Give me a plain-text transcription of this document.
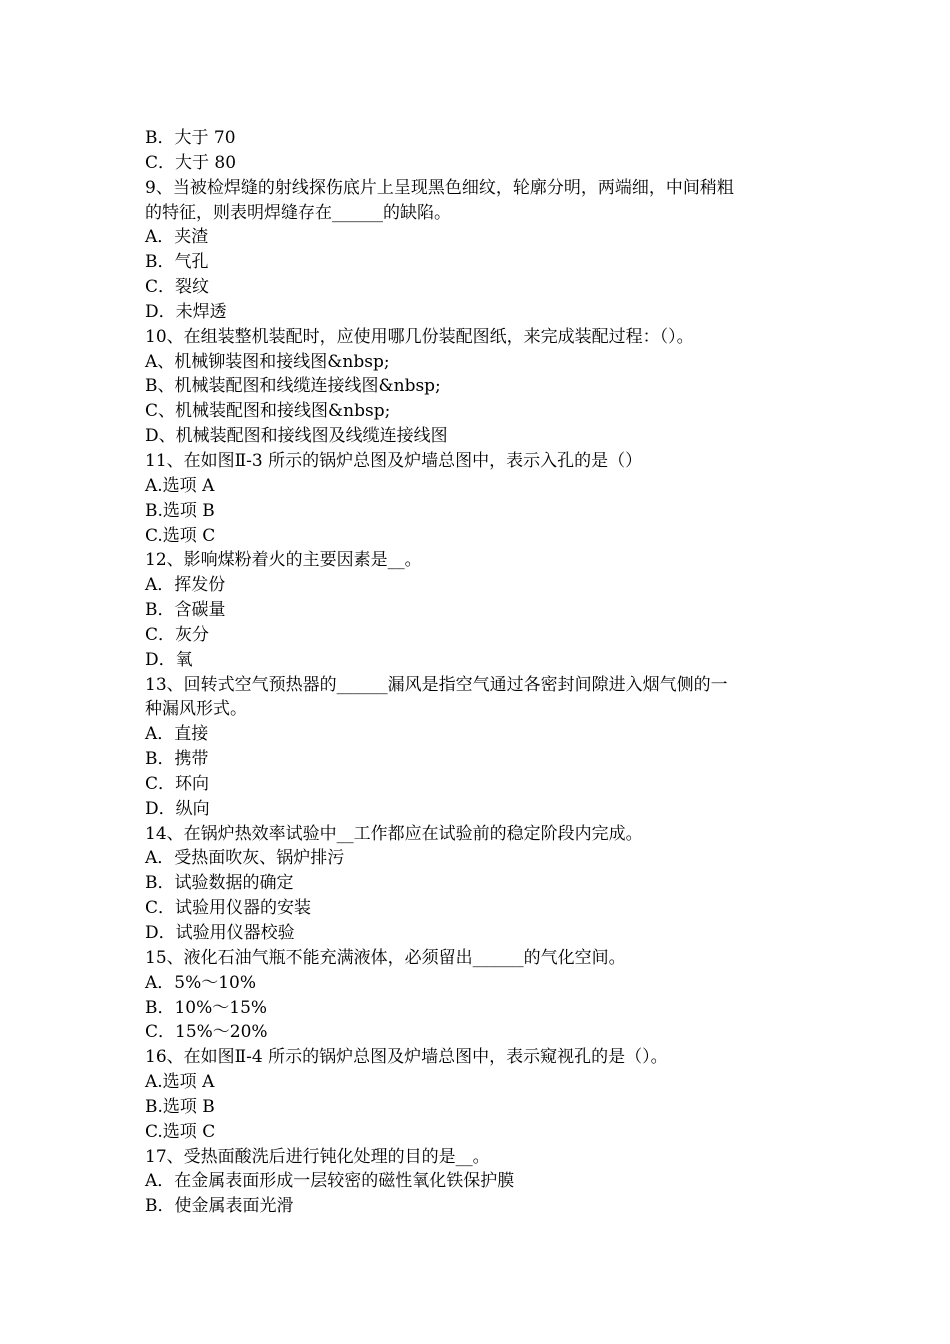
B．大于 70

C．大于 80

9、当被检焊缝的射线探伤底片上呈现黑色细纹，轮廓分明，两端细，中间稍粗

的特征，则表明焊缝存在______的缺陷。

A．夹渣

B．气孔

C．裂纹

D．未焊透

10、在组装整机装配时，应使用哪几份装配图纸，来完成装配过程：（）。

A、机械铆装图和接线图&nbsp;

B、机械装配图和线缆连接线图&nbsp;

C、机械装配图和接线图&nbsp;

D、机械装配图和接线图及线缆连接线图

11、在如图Ⅱ-3 所示的锅炉总图及炉墙总图中，表示入孔的是（）

A.选项 A

B.选项 B

C.选项 C

12、影响煤粉着火的主要因素是__。

A．挥发份

B．含碳量

C．灰分

D．氧

13、回转式空气预热器的______漏风是指空气通过各密封间隙进入烟气侧的一

种漏风形式。

A．直接

B．携带

C．环向

D．纵向

14、在锅炉热效率试验中__工作都应在试验前的稳定阶段内完成。

A．受热面吹灰、锅炉排污

B．试验数据的确定

C．试验用仪器的安装

D．试验用仪器校验

15、液化石油气瓶不能充满液体，必须留出______的气化空间。

A．5%～10%

B．10%～15%

C．15%～20%

16、在如图Ⅱ-4 所示的锅炉总图及炉墙总图中，表示窥视孔的是（）。

A.选项 A

B.选项 B

C.选项 C

17、受热面酸洗后进行钝化处理的目的是__。

A．在金属表面形成一层较密的磁性氧化铁保护膜

B．使金属表面光滑
